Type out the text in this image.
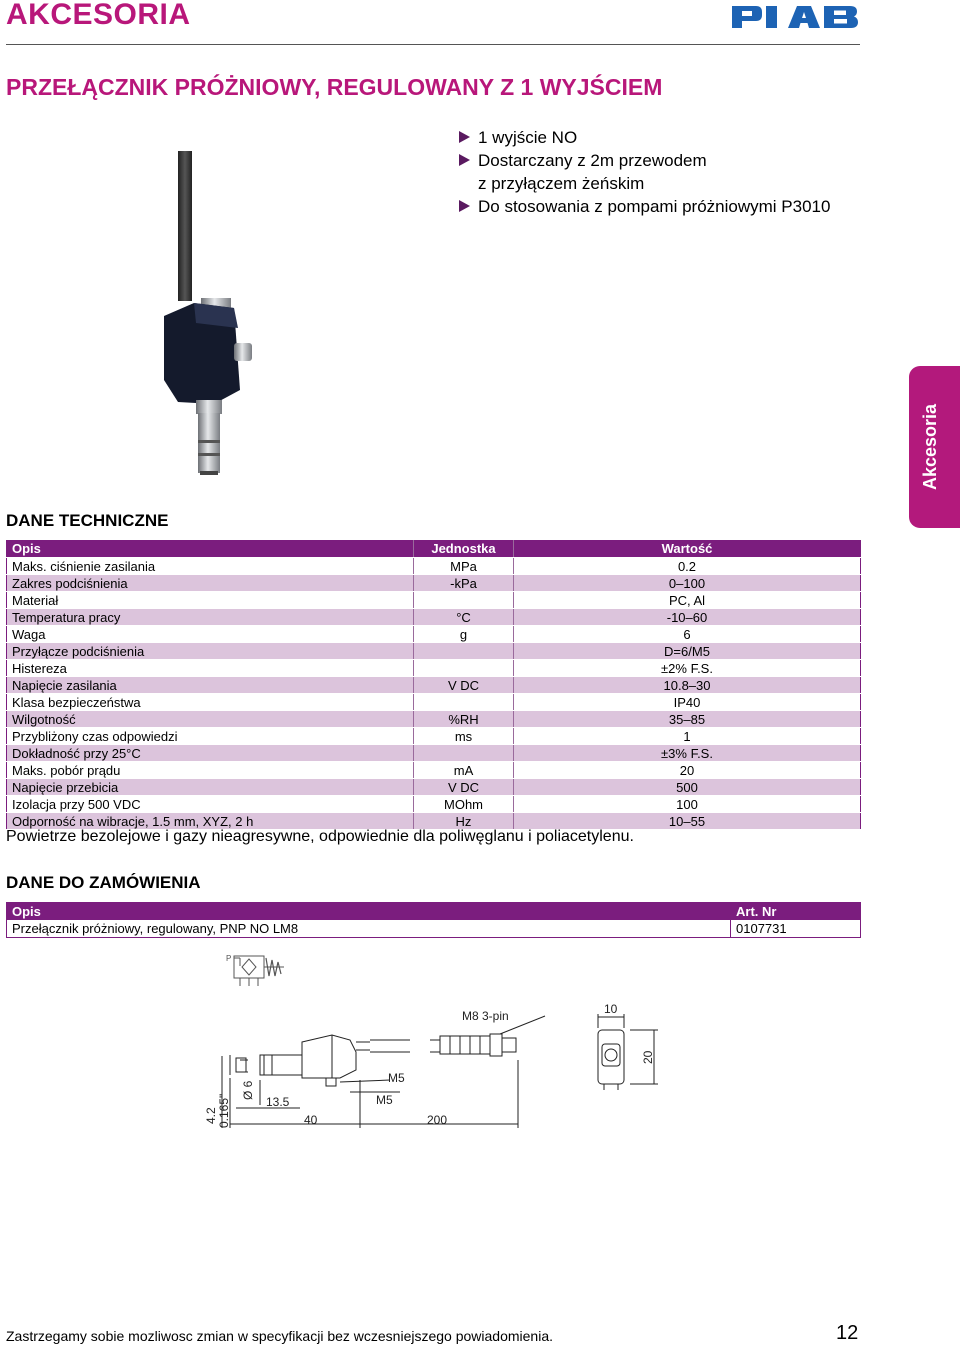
AKCESORIA
PRZEŁĄCZNIK PRÓŻNIOWY, REGULOWANY Z 1 WYJŚCIEM
1 wyjście NO
Dostarczany z 2m przewodem
z przyłączem żeńskim
Do stosowania z pompami próżniowymi P3010
Akcesoria
DANE TECHNICZNE
Opis	Jednostka	Wartość
Maks. ciśnienie zasilania	MPa	0.2
Zakres podciśnienia	-kPa	0–100
Materiał		PC, Al
Temperatura pracy	°C	-10–60
Waga	g	6
Przyłącze podciśnienia		D=6/M5
Histereza		±2% F.S.
Napięcie zasilania	V DC	10.8–30
Klasa bezpieczeństwa		IP40
Wilgotność	%RH	35–85
Przybliżony czas odpowiedzi	ms	1
Dokładność przy 25°C		±3% F.S.
Maks. pobór prądu	mA	20
Napięcie przebicia	V DC	500
Izolacja przy 500 VDC	MOhm	100
Odporność na wibracje, 1.5 mm, XYZ, 2 h	Hz	10–55
Powietrze bezolejowe i gazy nieagresywne, odpowiednie dla poliwęglanu i poliacetylenu.
DANE DO ZAMÓWIENIA
Opis	Art. Nr
Przełącznik próżniowy, regulowany, PNP NO LM8	0107731
P
M8 3-pin
M5
M5
13.5
40	200
10
20
Ø 6
4.2 0.165"
Zastrzegamy sobie mozliwosc zmian w specyfikacji bez wczesniejszego powiadomienia.	12
